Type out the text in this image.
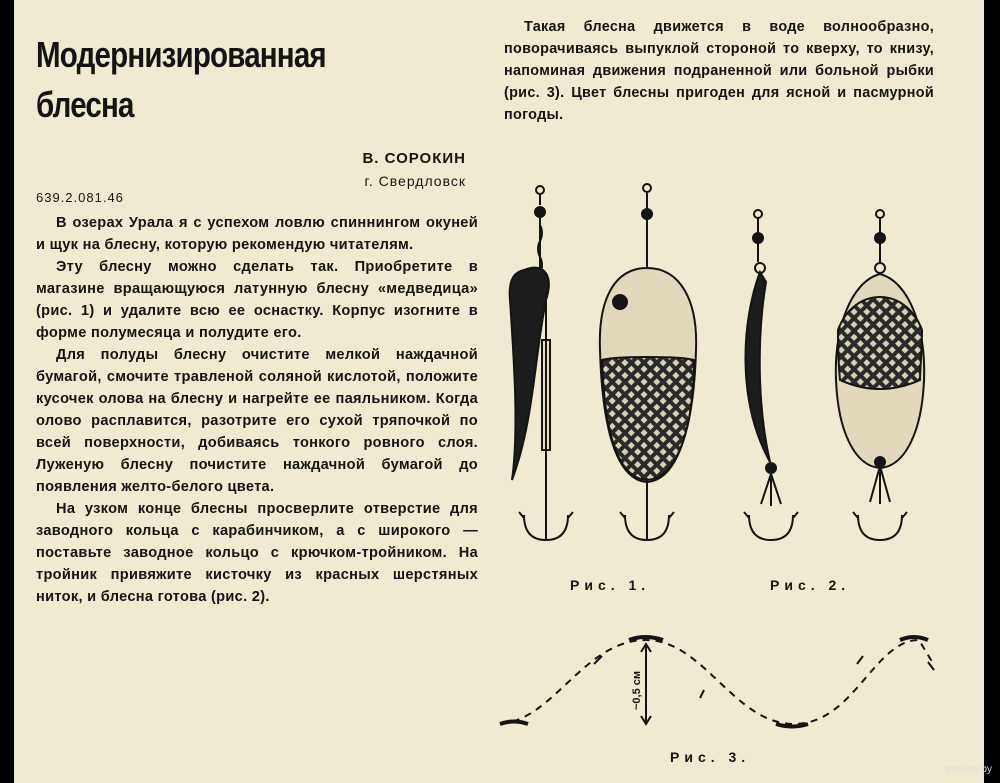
Модернизированная
блесна
В. СОРОКИН
г. Свердловск
639.2.081.46

В озерах Урала я с успехом ловлю спиннингом окуней и щук на блесну, которую рекомендую читателям.

Эту блесну можно сделать так. Приобретите в магазине вращающуюся латунную блесну «медведица» (рис. 1) и удалите всю ее оснастку. Корпус изогните в форме полумесяца и полудите его.

Для полуды блесну очистите мелкой наждачной бумагой, смочите травленой соляной кислотой, положите кусочек олова на блесну и нагрейте ее паяльником. Когда олово расплавится, разотрите его сухой тряпочкой по всей поверхности, добиваясь тонкого ровного слоя. Луженую блесну почистите наждачной бумагой до появления желто-белого цвета.

На узком конце блесны просверлите отверстие для заводного кольца с карабинчиком, а с широкого — поставьте заводное кольцо с крючком-тройником. На тройник привяжите кисточку из красных шерстяных ниток, и блесна готова (рис. 2).

Такая блесна движется в воде волнообразно, поворачиваясь выпуклой стороной то кверху, то книзу, напоминая движения подраненной или больной рыбки (рис. 3). Цвет блесны пригоден для ясной и пасмурной погоды.

Рис. 1.	Рис. 2.
~0,5 см
Рис. 3.
www.ay.by
